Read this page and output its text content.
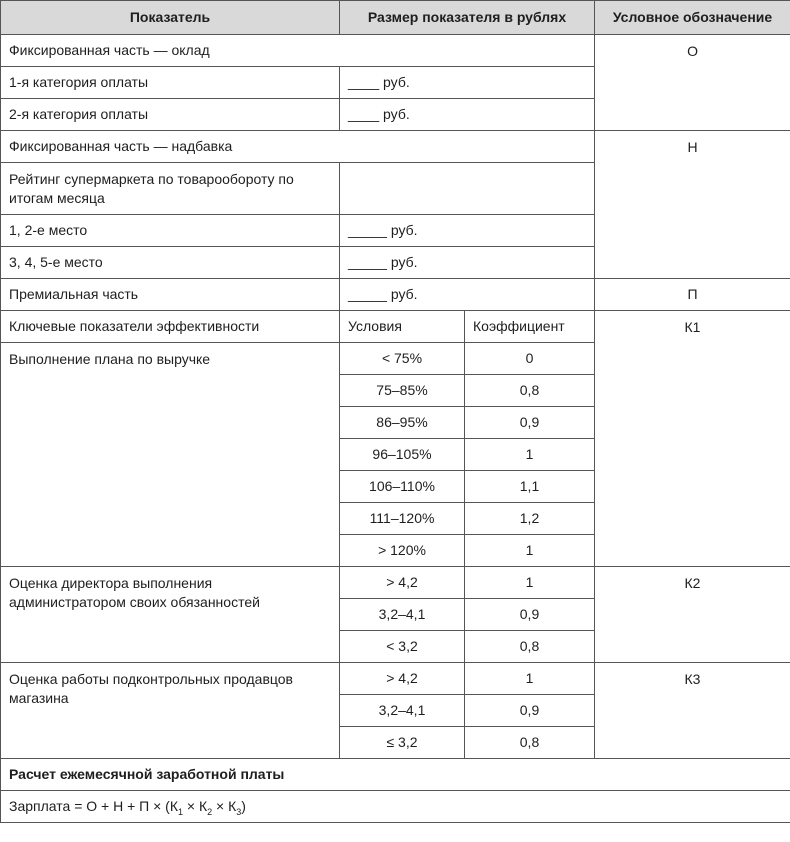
Показатель	Размер показателя в рублях		Условное обозначение
Фиксированная часть — оклад			О
1-я категория оплаты	____ руб.		
2-я категория оплаты	____ руб.		
Фиксированная часть — надбавка			Н
Рейтинг супермаркета по товарообороту по итогам месяца			
1, 2-е место	_____ руб.		
3, 4, 5-е место	_____ руб.		
Премиальная часть	_____ руб.		П
Ключевые показатели эффективности	Условия	Коэффициент	К1
Выполнение плана по выручке	< 75%	0	
	75–85%	0,8	
	86–95%	0,9	
	96–105%	1	
	106–110%	1,1	
	111–120%	1,2	
	> 120%	1	
Оценка директора выполнения администратором своих обязанностей	> 4,2	1	К2
	3,2–4,1	0,9	
	< 3,2	0,8	
Оценка работы подконтрольных продавцов магазина	> 4,2	1	К3
	3,2–4,1	0,9	
	≤ 3,2	0,8	
Расчет ежемесячной заработной платы			
Зарплата = $О + Н + П \times (К_1 \times К_2 \times К_3)$			
